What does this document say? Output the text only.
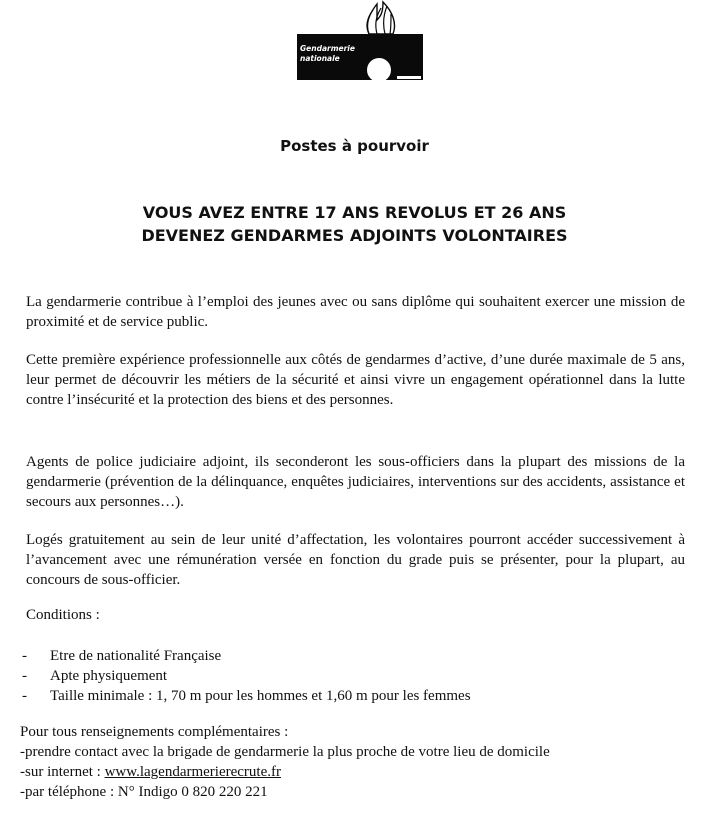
Gendarmerie
nationale
Postes à pourvoir
VOUS AVEZ ENTRE 17 ANS REVOLUS ET 26 ANS
DEVENEZ GENDARMES ADJOINTS VOLONTAIRES

La gendarmerie contribue à l’emploi des jeunes avec ou sans diplôme qui souhaitent exercer une mission de proximité et de service public.

Cette première expérience professionnelle aux côtés de gendarmes d’active, d’une durée maximale de 5 ans, leur permet de découvrir les métiers de la sécurité et ainsi vivre un engagement opérationnel dans la lutte contre l’insécurité et la protection des biens et des personnes.

Agents de police judiciaire adjoint, ils seconderont les sous-officiers dans la plupart des missions de la gendarmerie (prévention de la délinquance, enquêtes judiciaires, interventions sur des accidents, assistance et secours aux personnes…).

Logés gratuitement au sein de leur unité d’affectation, les volontaires pourront accéder successivement à l’avancement avec une rémunération versée en fonction du grade puis se présenter, pour la plupart, au concours de sous-officier.

Conditions :

- Etre de nationalité Française
- Apte physiquement
- Taille minimale : 1, 70 m pour les hommes et 1,60 m pour les femmes
Pour tous renseignements complémentaires :
-prendre contact avec la brigade de gendarmerie la plus proche de votre lieu de domicile
-sur internet : www.lagendarmerierecrute.fr
-par téléphone : N° Indigo 0 820 220 221
